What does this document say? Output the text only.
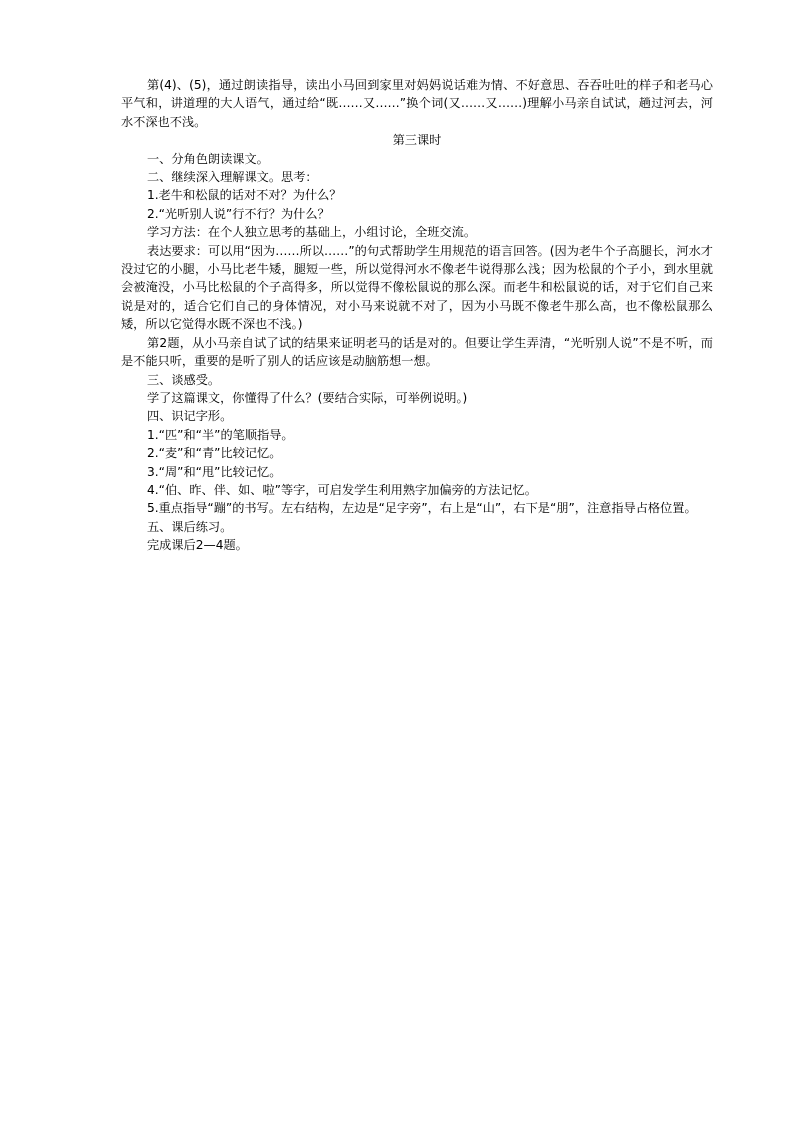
第(4)、(5)，通过朗读指导，读出小马回到家里对妈妈说话难为情、不好意思、吞吞吐吐的样子和老马心平气和，讲道理的大人语气，通过给“既……又……”换个词(又……又……)理解小马亲自试试，趟过河去，河水不深也不浅。

第三课时

一、分角色朗读课文。

二、继续深入理解课文。思考：

1.老牛和松鼠的话对不对？为什么？

2.“光听别人说”行不行？为什么？

学习方法：在个人独立思考的基础上，小组讨论，全班交流。

表达要求：可以用“因为……所以……”的句式帮助学生用规范的语言回答。(因为老牛个子高腿长，河水才没过它的小腿，小马比老牛矮，腿短一些，所以觉得河水不像老牛说得那么浅；因为松鼠的个子小，到水里就会被淹没，小马比松鼠的个子高得多，所以觉得不像松鼠说的那么深。而老牛和松鼠说的话，对于它们自己来说是对的，适合它们自己的身体情况，对小马来说就不对了，因为小马既不像老牛那么高，也不像松鼠那么矮，所以它觉得水既不深也不浅。)

第2题，从小马亲自试了试的结果来证明老马的话是对的。但要让学生弄清，“光听别人说”不是不听，而是不能只听，重要的是听了别人的话应该是动脑筋想一想。

三、谈感受。

学了这篇课文，你懂得了什么？(要结合实际，可举例说明。)

四、识记字形。

1.“匹”和“半”的笔顺指导。

2.“麦”和“青”比较记忆。

3.“周”和“甩”比较记忆。

4.“伯、昨、伴、如、啦”等字，可启发学生利用熟字加偏旁的方法记忆。

5.重点指导“蹦”的书写。左右结构，左边是“足字旁”，右上是“山”，右下是“朋”，注意指导占格位置。

五、课后练习。

完成课后2—4题。
